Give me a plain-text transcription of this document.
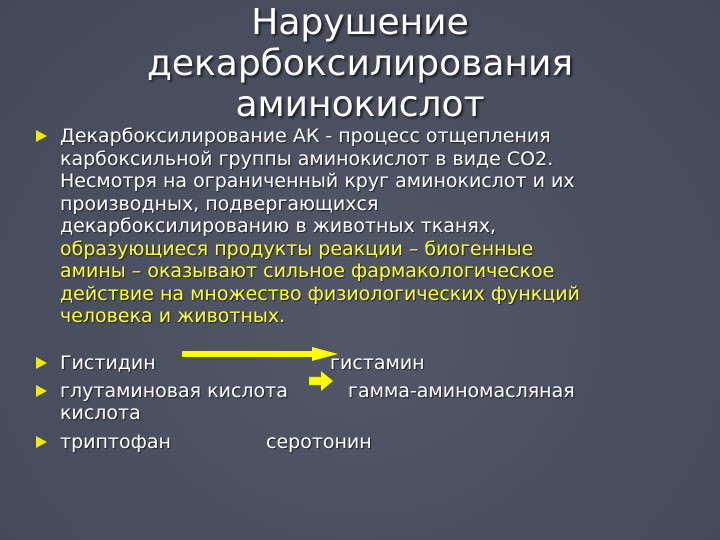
Нарушение
декарбоксилирования
аминокислот
Декарбоксилирование АК - процесс отщепления
карбоксильной группы аминокислот в виде СО2.
Несмотря на ограниченный круг аминокислот и их
производных, подвергающихся
декарбоксилированию в животных тканях,
образующиеся продукты реакции – биогенные
амины – оказывают сильное фармакологическое
действие на множество физиологических функций
человека и животных.
Гистидин	гистамин
глутаминовая кислота	гамма-аминомасляная
кислота
триптофан	серотонин
